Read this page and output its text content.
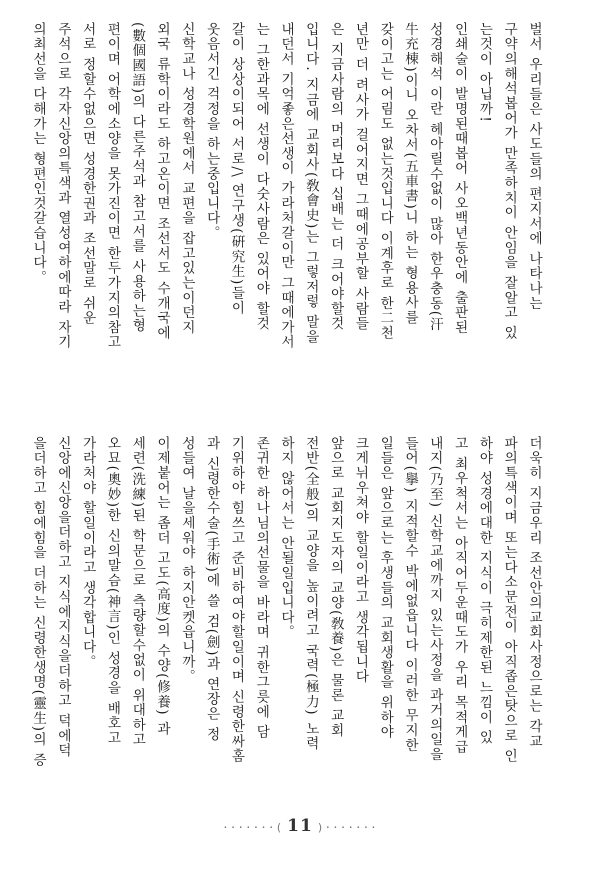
벌서 우리들은 사도들의 편지서에 나타나는
구약의해석봅어가 만족하치이 안임을 잘알고 있
는것이 아닙까!
인쇄술이 발명된때봅어 사오백년동안에 출판된
성경해석 이란 헤아릴수없이 많아 한우충동(汗
牛充棟)이니 오차서(五車書)니 하는 형용사를
갖이고는 어림도 없는것입니다 이계후로 한二천
년만 더 려사가 걸어지면 그때에공부할 사람들
은 지금사람의 머리보다 십배는 더 크어야할것
입니다. 지금에 교회사(敎會史)는 그렇저렇 말을
내던서 기억좋은선생이 가라처갈이만 그때에가서
는 그한과목에 선생이 다숫사람은 있어야 할것
갈이 상상이되어 서로/\ 연구생(硏究生)들이
웃음서긴 걱정을 하는중입니다。
신학교나 성경학원에서 교편을 잡고있는이던지
외국 류학이라도 하고온이면 조선서도 수개국에
(數個國語)의 다른주석과 참고서를 사용하는형
편이며 어학에소양을 못가진이면 한두가지의참고
서로 정할수없으면 성경한권과 조선말로 쉬운
주석으로 각자신앙의특색과 열성여하에따라 자기
의최선을 다해가는 형편인것갈습니다。
더욱히 지금우리 조선안의교회사정으로는 각교
파의특색이며 또는다소문전이 아직좁은탓으로 인
하야 성경에대한 지식이 극히제한된 느낌이 있
고 최우척서는 아직어두운때도가 우리 목적게급
내지(乃至) 신학교에까지 있는사정을 과거의일을
들어(擧) 지적할수 박에없읍니다 이러한 무지한
일들은 앞으로는 후생들의 교회생활을 위하야
크게뉘우쳐야 할일이라고 생각됩니다
앞으로 교회지도자의 교양(敎養)은 물론 교회
전반(全般)의 교양을 높이려고 국력(極力) 노력
하지 않어서는 안될일입니다。
존귀한 하나님의선물을 바라며 귀한그릇에 담
기위하야 힘쓰고 준비하여야할일이며 신령한싸홈
과 신령한수술(手術)에 쓸 검(劍)과 연장은 정
성들여 날을세워야 하지안켓읍니까。
이제붙어는 좀더 고도(高度)의 수양(修養) 과
세련(洗練)된 학문으로 측량할수없이 위대하고
오묘(奧妙)한 신의말슴(神言)인 성경을 배호고
가라처야 할일이라고 생각합니다。
신앙에신앙을더하고 지식에지식을더하고 덕에덕
을더하고 힘에힘을 더하는 신령한생명(靈生)의 증
·······( 11 )·······
